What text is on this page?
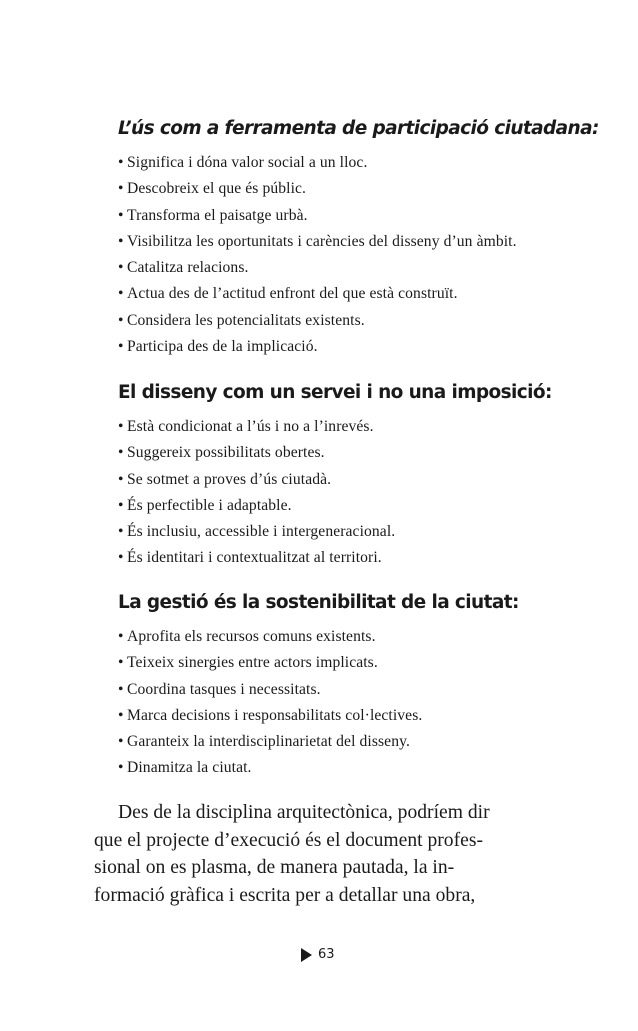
L’ús com a ferramenta de participació ciutadana:
• Significa i dóna valor social a un lloc.
• Descobreix el que és públic.
• Transforma el paisatge urbà.
• Visibilitza les oportunitats i carències del disseny d’un àmbit.
• Catalitza relacions.
• Actua des de l’actitud enfront del que està construït.
• Considera les potencialitats existents.
• Participa des de la implicació.
El disseny com un servei i no una imposició:
• Està condicionat a l’ús i no a l’inrevés.
• Suggereix possibilitats obertes.
• Se sotmet a proves d’ús ciutadà.
• És perfectible i adaptable.
• És inclusiu, accessible i intergeneracional.
• És identitari i contextualitzat al territori.
La gestió és la sostenibilitat de la ciutat:
• Aprofita els recursos comuns existents.
• Teixeix sinergies entre actors implicats.
• Coordina tasques i necessitats.
• Marca decisions i responsabilitats col·lectives.
• Garanteix la interdisciplinarietat del disseny.
• Dinamitza la ciutat.

Des de la disciplina arquitectònica, podríem dir
que el projecte d’execució és el document profes-
sional on es plasma, de manera pautada, la in-
formació gràfica i escrita per a detallar una obra,

63
